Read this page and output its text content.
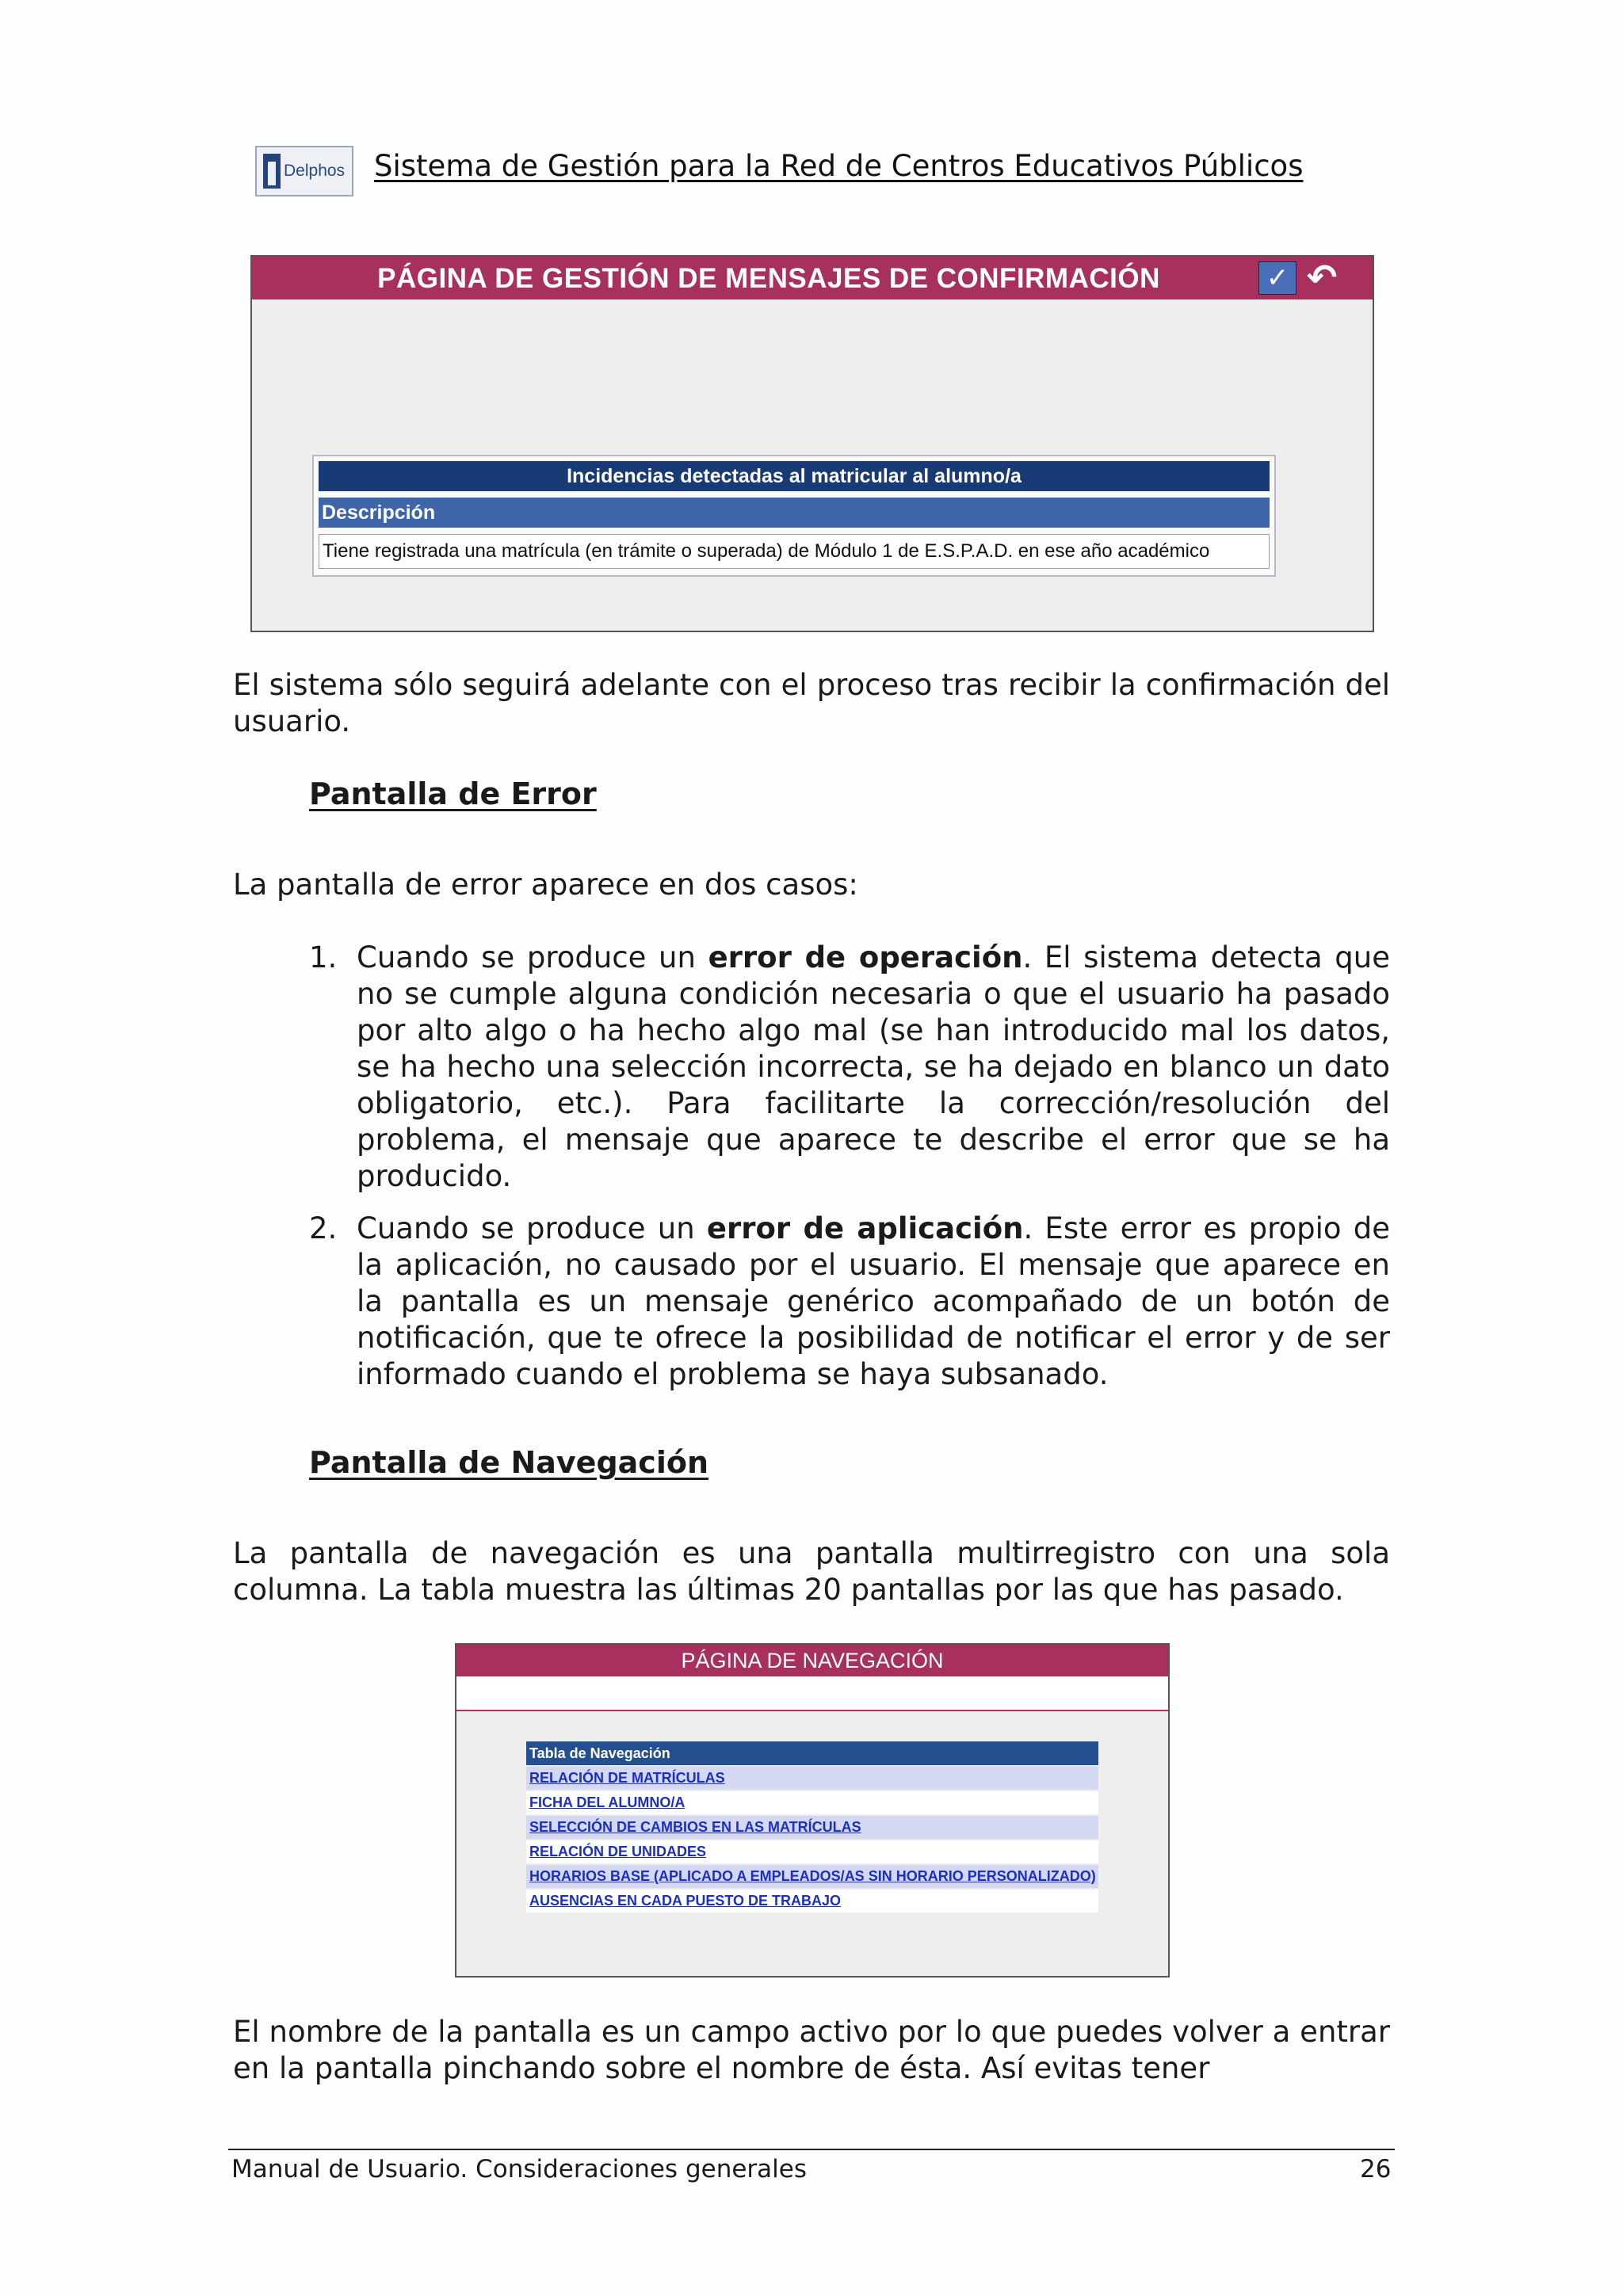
Delphos Sistema de Gestión para la Red de Centros Educativos Públicos
PÁGINA DE GESTIÓN DE MENSAJES DE CONFIRMACIÓN	✓ ↶
Incidencias detectadas al matricular al alumno/a
Descripción
Tiene registrada una matrícula (en trámite o superada) de Módulo 1 de E.S.P.A.D. en ese año académico
El sistema sólo seguirá adelante con el proceso tras recibir la confirmación del usuario.
Pantalla de Error
La pantalla de error aparece en dos casos:
1. Cuando se produce un error de operación. El sistema detecta que no se cumple alguna condición necesaria o que el usuario ha pasado por alto algo o ha hecho algo mal (se han introducido mal los datos, se ha hecho una selección incorrecta, se ha dejado en blanco un dato obligatorio, etc.). Para facilitarte la corrección/resolución del problema, el mensaje que aparece te describe el error que se ha producido.
2. Cuando se produce un error de aplicación. Este error es propio de la aplicación, no causado por el usuario. El mensaje que aparece en la pantalla es un mensaje genérico acompañado de un botón de notificación, que te ofrece la posibilidad de notificar el error y de ser informado cuando el problema se haya subsanado.
Pantalla de Navegación
La pantalla de navegación es una pantalla multirregistro con una sola columna. La tabla muestra las últimas 20 pantallas por las que has pasado.
PÁGINA DE NAVEGACIÓN
Tabla de Navegación
RELACIÓN DE MATRÍCULAS
FICHA DEL ALUMNO/A
SELECCIÓN DE CAMBIOS EN LAS MATRÍCULAS
RELACIÓN DE UNIDADES
HORARIOS BASE (APLICADO A EMPLEADOS/AS SIN HORARIO PERSONALIZADO)
AUSENCIAS EN CADA PUESTO DE TRABAJO
El nombre de la pantalla es un campo activo por lo que puedes volver a entrar en la pantalla pinchando sobre el nombre de ésta. Así evitas tener
Manual de Usuario. Consideraciones generales	26
